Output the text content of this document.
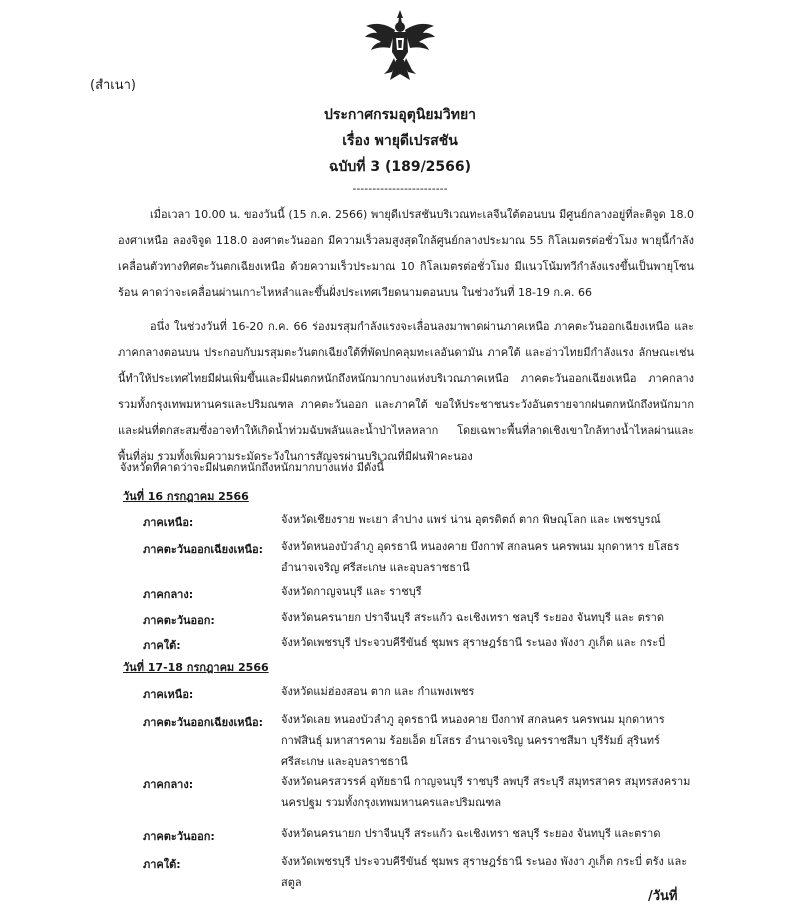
(สำเนา)
ประกาศกรมอุตุนิยมวิทยา
เรื่อง พายุดีเปรสชัน
ฉบับที่ 3 (189/2566)
------------------------

เมื่อเวลา 10.00 น. ของวันนี้ (15 ก.ค. 2566) พายุดีเปรสชันบริเวณทะเลจีนใต้ตอนบน มีศูนย์กลางอยู่ที่ละติจูด 18.0 องศาเหนือ ลองจิจูด 118.0 องศาตะวันออก มีความเร็วลมสูงสุดใกล้ศูนย์กลางประมาณ 55 กิโลเมตรต่อชั่วโมง พายุนี้กำลังเคลื่อนตัวทางทิศตะวันตกเฉียงเหนือ ด้วยความเร็วประมาณ 10 กิโลเมตรต่อชั่วโมง มีแนวโน้มทวีกำลังแรงขึ้นเป็นพายุโซนร้อน คาดว่าจะเคลื่อนผ่านเกาะไหหลำและขึ้นฝั่งประเทศเวียดนามตอนบน ในช่วงวันที่ 18-19 ก.ค. 66

อนึ่ง ในช่วงวันที่ 16-20 ก.ค. 66 ร่องมรสุมกำลังแรงจะเลื่อนลงมาพาดผ่านภาคเหนือ ภาคตะวันออกเฉียงเหนือ และภาคกลางตอนบน ประกอบกับมรสุมตะวันตกเฉียงใต้ที่พัดปกคลุมทะเลอันดามัน ภาคใต้ และอ่าวไทยมีกำลังแรง ลักษณะเช่นนี้ทำให้ประเทศไทยมีฝนเพิ่มขึ้นและมีฝนตกหนักถึงหนักมากบางแห่งบริเวณภาคเหนือ ภาคตะวันออกเฉียงเหนือ ภาคกลางรวมทั้งกรุงเทพมหานครและปริมณฑล ภาคตะวันออก และภาคใต้ ขอให้ประชาชนระวังอันตรายจากฝนตกหนักถึงหนักมากและฝนที่ตกสะสมซึ่งอาจทำให้เกิดน้ำท่วมฉับพลันและน้ำป่าไหลหลาก โดยเฉพาะพื้นที่ลาดเชิงเขาใกล้ทางน้ำไหลผ่านและพื้นที่ลุ่ม รวมทั้งเพิ่มความระมัดระวังในการสัญจรผ่านบริเวณที่มีฝนฟ้าคะนอง

จังหวัดที่คาดว่าจะมีฝนตกหนักถึงหนักมากบางแห่ง มีดังนี้
วันที่ 16 กรกฎาคม 2566
ภาคเหนือ:	จังหวัดเชียงราย พะเยา ลำปาง แพร่ น่าน อุตรดิตถ์ ตาก พิษณุโลก และ เพชรบูรณ์
ภาคตะวันออกเฉียงเหนือ: จังหวัดหนองบัวลำภู อุดรธานี หนองคาย บึงกาฬ สกลนคร นครพนม มุกดาหาร ยโสธร อำนาจเจริญ ศรีสะเกษ และอุบลราชธานี
ภาคกลาง:	จังหวัดกาญจนบุรี และ ราชบุรี
ภาคตะวันออก:	จังหวัดนครนายก ปราจีนบุรี สระแก้ว ฉะเชิงเทรา ชลบุรี ระยอง จันทบุรี และ ตราด
ภาคใต้:	จังหวัดเพชรบุรี ประจวบคีรีขันธ์ ชุมพร สุราษฎร์ธานี ระนอง พังงา ภูเก็ต และ กระบี่
วันที่ 17-18 กรกฎาคม 2566
ภาคเหนือ:	จังหวัดแม่ฮ่องสอน ตาก และ กำแพงเพชร
ภาคตะวันออกเฉียงเหนือ: จังหวัดเลย หนองบัวลำภู อุดรธานี หนองคาย บึงกาฬ สกลนคร นครพนม มุกดาหาร กาฬสินธุ์ มหาสารคาม ร้อยเอ็ด ยโสธร อำนาจเจริญ นครราชสีมา บุรีรัมย์ สุรินทร์ ศรีสะเกษ และอุบลราชธานี
ภาคกลาง:	จังหวัดนครสวรรค์ อุทัยธานี กาญจนบุรี ราชบุรี ลพบุรี สระบุรี สมุทรสาคร สมุทรสงคราม นครปฐม รวมทั้งกรุงเทพมหานครและปริมณฑล
ภาคตะวันออก:	จังหวัดนครนายก ปราจีนบุรี สระแก้ว ฉะเชิงเทรา ชลบุรี ระยอง จันทบุรี และตราด
ภาคใต้:	จังหวัดเพชรบุรี ประจวบคีรีขันธ์ ชุมพร สุราษฎร์ธานี ระนอง พังงา ภูเก็ต กระบี่ ตรัง และสตูล
/วันที่
